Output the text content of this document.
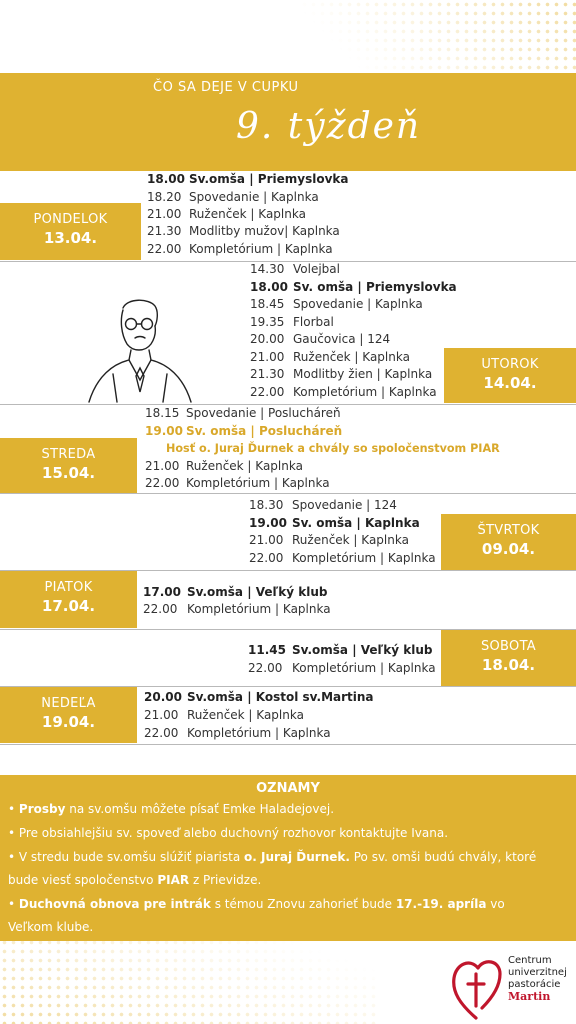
ČO SA DEJE V CUPKU
9. týždeň
PONDELOK
13.04.
UTOROK
14.04.
STREDA
15.04.
ŠTVRTOK
09.04.
PIATOK
17.04.
SOBOTA
18.04.
NEDEĽA
19.04.
18.00 Sv.omša | Priemyslovka
18.20 Spovedanie | Kaplnka
21.00 Ruženček | Kaplnka
21.30 Modlitby mužov| Kaplnka
22.00 Kompletórium | Kaplnka
14.30 Volejbal
18.00 Sv. omša | Priemyslovka
18.45 Spovedanie | Kaplnka
19.35 Florbal
20.00 Gaučovica | 124
21.00 Ruženček | Kaplnka
21.30 Modlitby žien | Kaplnka
22.00 Kompletórium | Kaplnka
18.15 Spovedanie | Poslucháreň
19.00 Sv. omša | Poslucháreň
Hosť o. Juraj Ďurnek a chvály so spoločenstvom PIAR
21.00 Ruženček | Kaplnka
22.00 Kompletórium | Kaplnka
18.30 Spovedanie | 124
19.00 Sv. omša | Kaplnka
21.00 Ruženček | Kaplnka
22.00 Kompletórium | Kaplnka
17.00 Sv.omša | Veľký klub
22.00 Kompletórium | Kaplnka
11.45 Sv.omša | Veľký klub
22.00 Kompletórium | Kaplnka
20.00 Sv.omša | Kostol sv.Martina
21.00 Ruženček | Kaplnka
22.00 Kompletórium | Kaplnka
OZNAMY
• Prosby na sv.omšu môžete písať Emke Haladejovej.
• Pre obsiahlejšiu sv. spoveď alebo duchovný rozhovor kontaktujte Ivana.
• V stredu bude sv.omšu slúžiť piarista o. Juraj Ďurnek. Po sv. omši budú chvály, ktoré bude viesť spoločenstvo PIAR z Prievidze.
• Duchovná obnova pre intrák s témou Znovu zahorieť bude 17.-19. apríla vo Veľkom klube.
Centrum
univerzitnej
pastorácie
Martin
